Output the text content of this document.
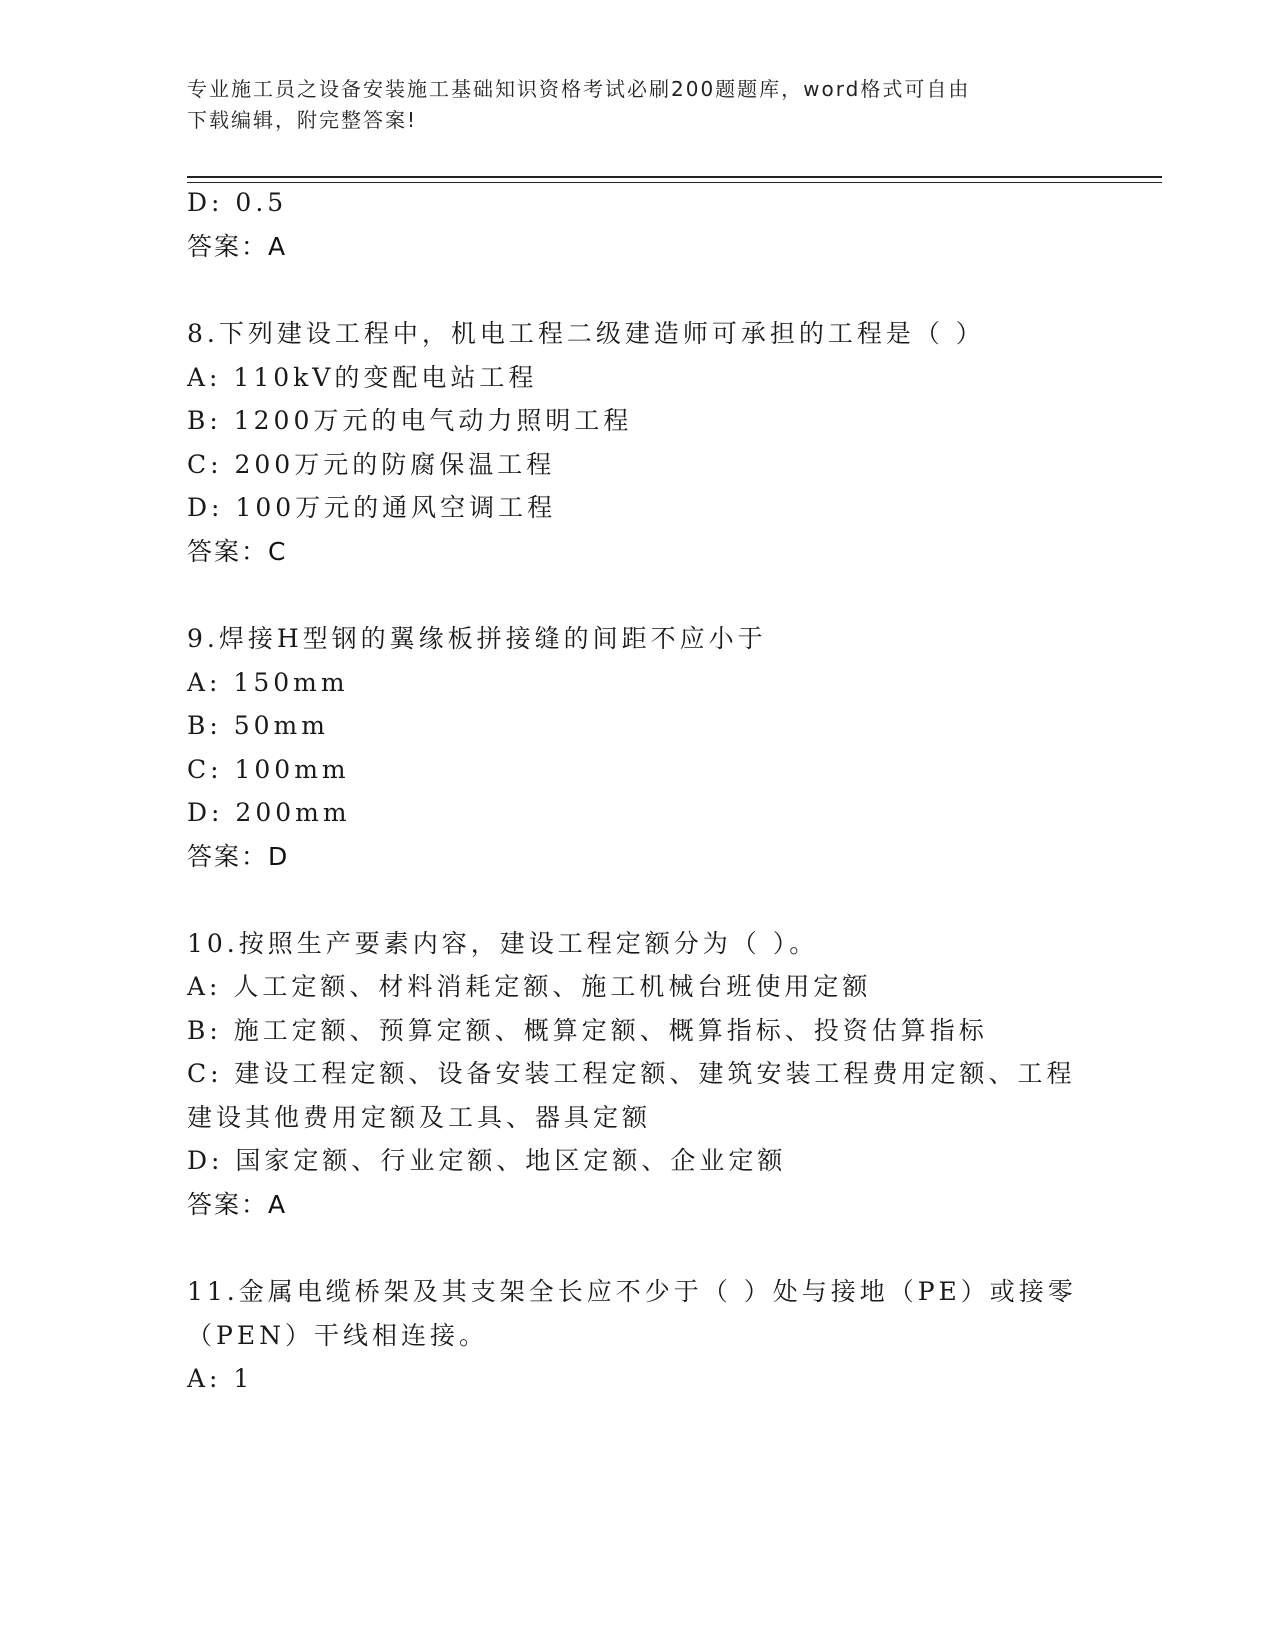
专业施工员之设备安装施工基础知识资格考试必刷200题题库，word格式可自由
下载编辑，附完整答案!
D: 0.5
答案：A
8.下列建设工程中，机电工程二级建造师可承担的工程是（ ）
A: 110kV的变配电站工程
B: 1200万元的电气动力照明工程
C: 200万元的防腐保温工程
D: 100万元的通风空调工程
答案：C
9.焊接H型钢的翼缘板拼接缝的间距不应小于
A: 150mm
B: 50mm
C: 100mm
D: 200mm
答案：D
10.按照生产要素内容，建设工程定额分为（ ）。
A: 人工定额、材料消耗定额、施工机械台班使用定额
B: 施工定额、预算定额、概算定额、概算指标、投资估算指标
C: 建设工程定额、设备安装工程定额、建筑安装工程费用定额、工程
建设其他费用定额及工具、器具定额
D: 国家定额、行业定额、地区定额、企业定额
答案：A
11.金属电缆桥架及其支架全长应不少于（ ）处与接地（PE）或接零
（PEN）干线相连接。
A: 1
